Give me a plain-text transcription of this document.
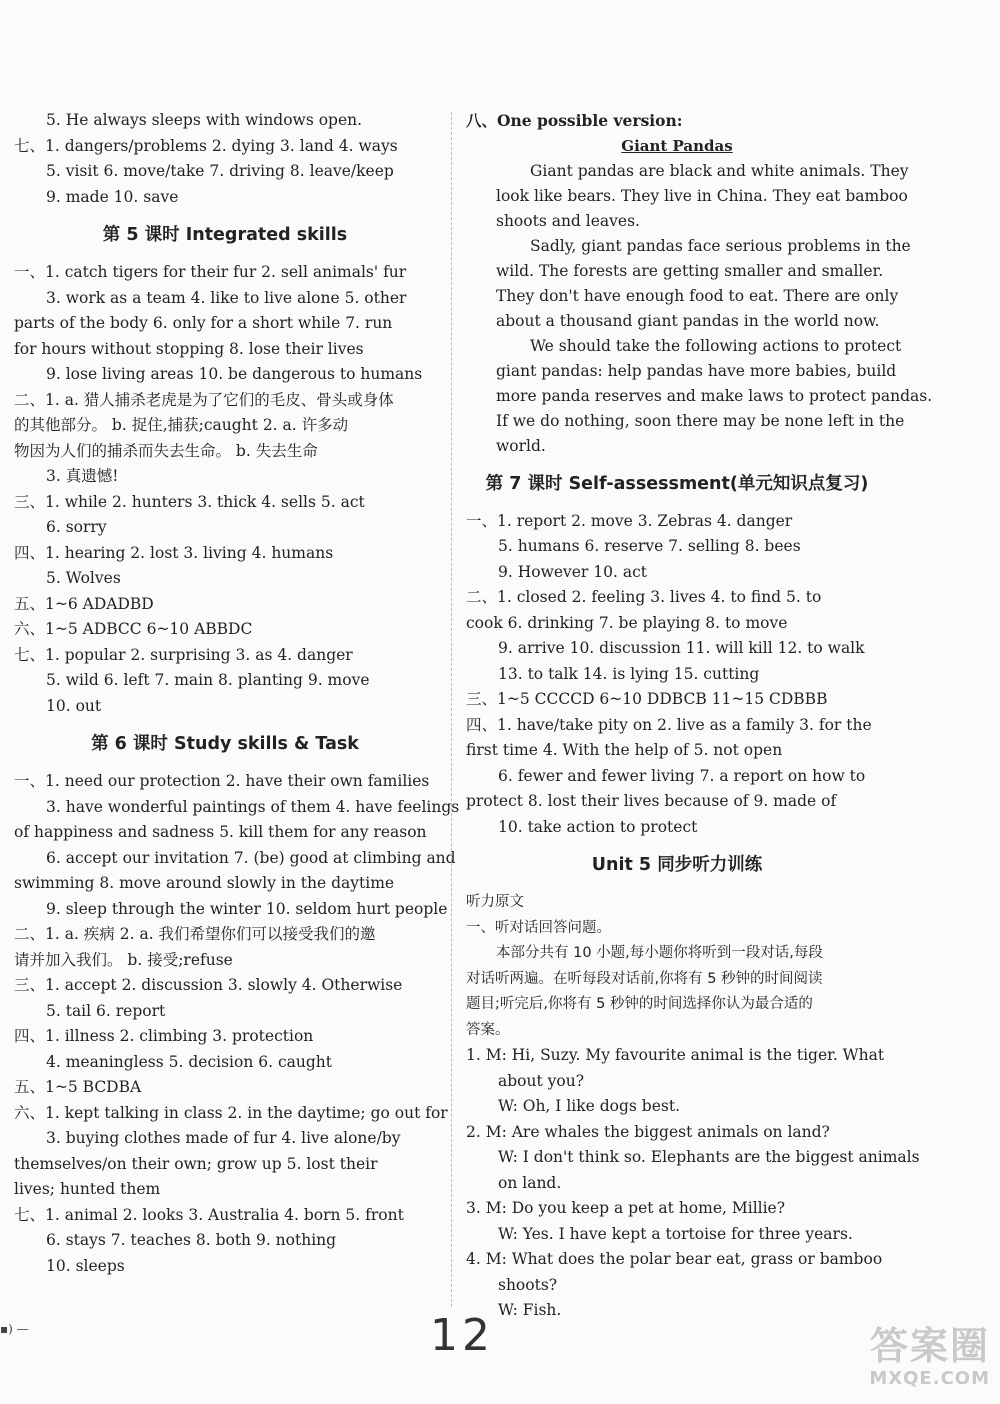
5. He always sleeps with windows open.
七、1. dangers/problems 2. dying 3. land 4. ways
5. visit 6. move/take 7. driving 8. leave/keep
9. made 10. save
第 5 课时 Integrated skills
一、1. catch tigers for their fur 2. sell animals' fur
3. work as a team 4. like to live alone 5. other
parts of the body 6. only for a short while 7. run
for hours without stopping 8. lose their lives
9. lose living areas 10. be dangerous to humans
二、1. a. 猎人捕杀老虎是为了它们的毛皮、骨头或身体
的其他部分。 b. 捉住,捕获;caught 2. a. 许多动
物因为人们的捕杀而失去生命。 b. 失去生命
3. 真遗憾!
三、1. while 2. hunters 3. thick 4. sells 5. act
6. sorry
四、1. hearing 2. lost 3. living 4. humans
5. Wolves
五、1~6 ADADBD
六、1~5 ADBCC 6~10 ABBDC
七、1. popular 2. surprising 3. as 4. danger
5. wild 6. left 7. main 8. planting 9. move
10. out
第 6 课时 Study skills & Task
一、1. need our protection 2. have their own families
3. have wonderful paintings of them 4. have feelings
of happiness and sadness 5. kill them for any reason
6. accept our invitation 7. (be) good at climbing and
swimming 8. move around slowly in the daytime
9. sleep through the winter 10. seldom hurt people
二、1. a. 疾病 2. a. 我们希望你们可以接受我们的邀
请并加入我们。 b. 接受;refuse
三、1. accept 2. discussion 3. slowly 4. Otherwise
5. tail 6. report
四、1. illness 2. climbing 3. protection
4. meaningless 5. decision 6. caught
五、1~5 BCDBA
六、1. kept talking in class 2. in the daytime; go out for
3. buying clothes made of fur 4. live alone/by
themselves/on their own; grow up 5. lost their
lives; hunted them
七、1. animal 2. looks 3. Australia 4. born 5. front
6. stays 7. teaches 8. both 9. nothing
10. sleeps
八、One possible version:
Giant Pandas
Giant pandas are black and white animals. They
look like bears. They live in China. They eat bamboo
shoots and leaves.
Sadly, giant pandas face serious problems in the
wild. The forests are getting smaller and smaller.
They don't have enough food to eat. There are only
about a thousand giant pandas in the world now.
We should take the following actions to protect
giant pandas: help pandas have more babies, build
more panda reserves and make laws to protect pandas.
If we do nothing, soon there may be none left in the
world.
第 7 课时 Self-assessment(单元知识点复习)
一、1. report 2. move 3. Zebras 4. danger
5. humans 6. reserve 7. selling 8. bees
9. However 10. act
二、1. closed 2. feeling 3. lives 4. to find 5. to
cook 6. drinking 7. be playing 8. to move
9. arrive 10. discussion 11. will kill 12. to walk
13. to talk 14. is lying 15. cutting
三、1~5 CCCCD 6~10 DDBCB 11~15 CDBBB
四、1. have/take pity on 2. live as a family 3. for the
first time 4. With the help of 5. not open
6. fewer and fewer living 7. a report on how to
protect 8. lost their lives because of 9. made of
10. take action to protect
Unit 5 同步听力训练
听力原文
一、听对话回答问题。
本部分共有 10 小题,每小题你将听到一段对话,每段
对话听两遍。在听每段对话前,你将有 5 秒钟的时间阅读
题目;听完后,你将有 5 秒钟的时间选择你认为最合适的
答案。
1. M: Hi, Suzy. My favourite animal is the tiger. What
about you?
W: Oh, I like dogs best.
2. M: Are whales the biggest animals on land?
W: I don't think so. Elephants are the biggest animals
on land.
3. M: Do you keep a pet at home, Millie?
W: Yes. I have kept a tortoise for three years.
4. M: What does the polar bear eat, grass or bamboo
shoots?
W: Fish.
▪) —	12	答案圈
MXQE.COM
